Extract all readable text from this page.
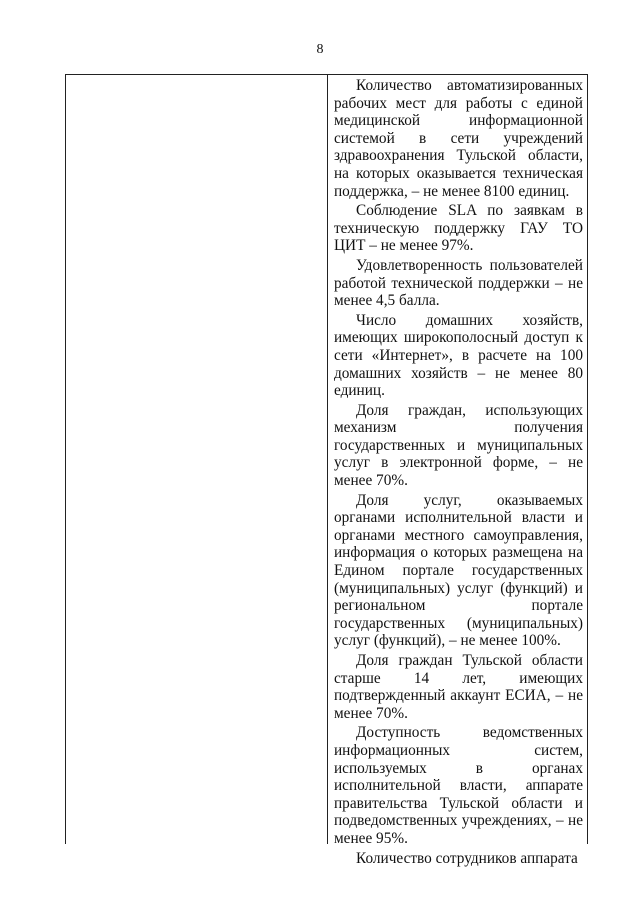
8

Количество автоматизированных рабочих мест для работы с единой медицинской информационной системой в сети учреждений здравоохранения Тульской области, на которых оказывается техническая поддержка, – не менее 8100 единиц.

Соблюдение SLA по заявкам в техническую поддержку ГАУ ТО ЦИТ – не менее 97%.

Удовлетворенность пользователей работой технической поддержки – не менее 4,5 балла.

Число домашних хозяйств, имеющих широкополосный доступ к сети «Интернет», в расчете на 100 домашних хозяйств – не менее 80 единиц.

Доля граждан, использующих механизм получения государственных и муниципальных услуг в электронной форме, – не менее 70%.

Доля услуг, оказываемых органами исполнительной власти и органами местного самоуправления, информация о которых размещена на Едином портале государственных (муниципальных) услуг (функций) и региональном портале государственных (муниципальных) услуг (функций), – не менее 100%.

Доля граждан Тульской области старше 14 лет, имеющих подтвержденный аккаунт ЕСИА, – не менее 70%.

Доступность ведомственных информационных систем, используемых в органах исполнительной власти, аппарате правительства Тульской области и подведомственных учреждениях, – не менее 95%.

Количество сотрудников аппарата
